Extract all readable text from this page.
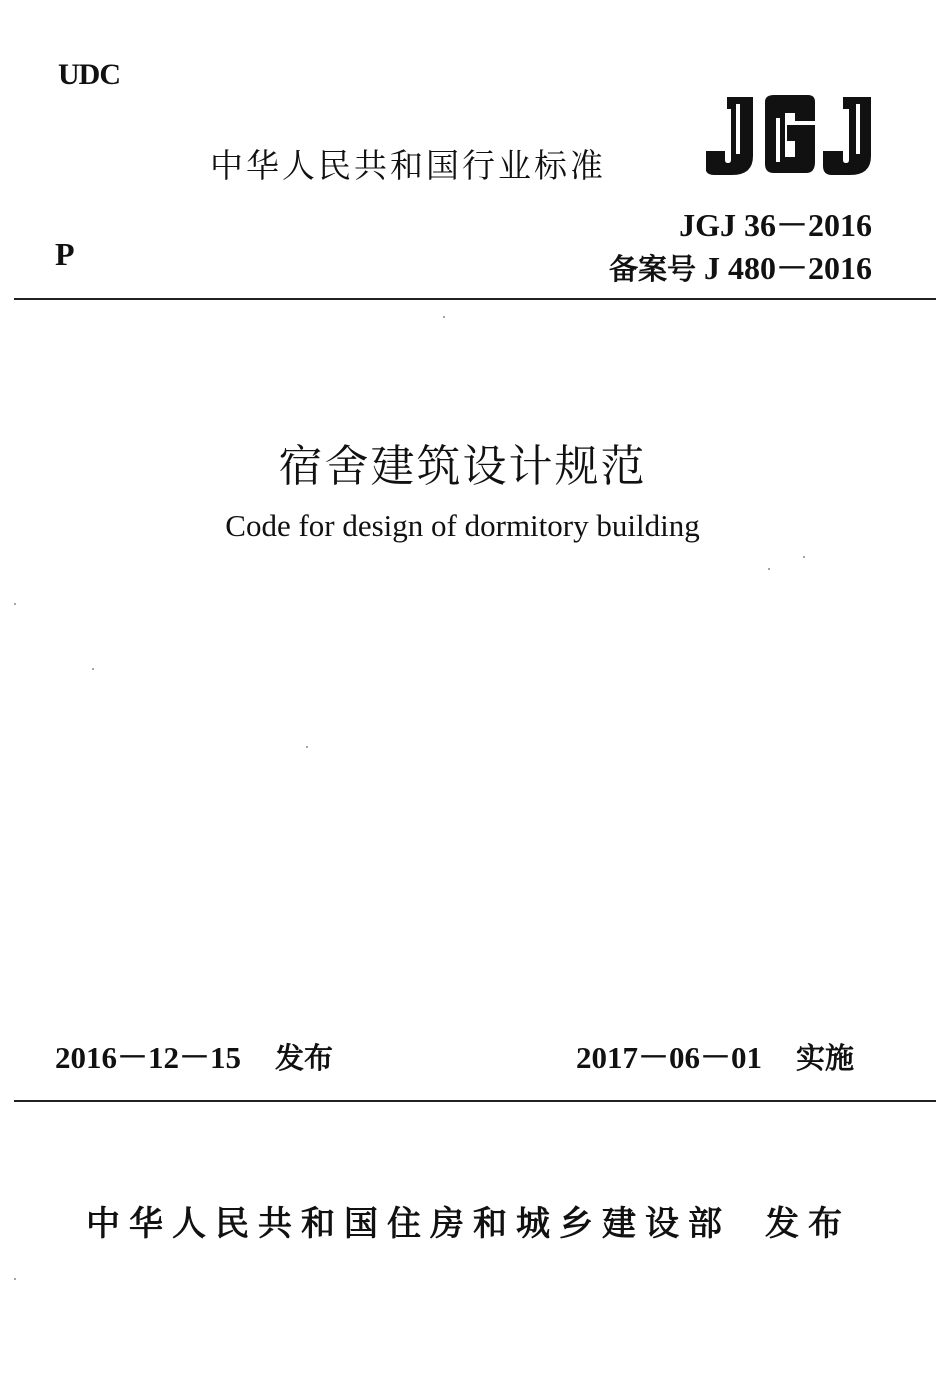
UDC
中华人民共和国行业标准
P
JGJ 36－2016
备案号 J 480－2016
宿舍建筑设计规范
Code for design of dormitory building
2016－12－15 发布	2017－06－01 实施
中华人民共和国住房和城乡建设部 发布
